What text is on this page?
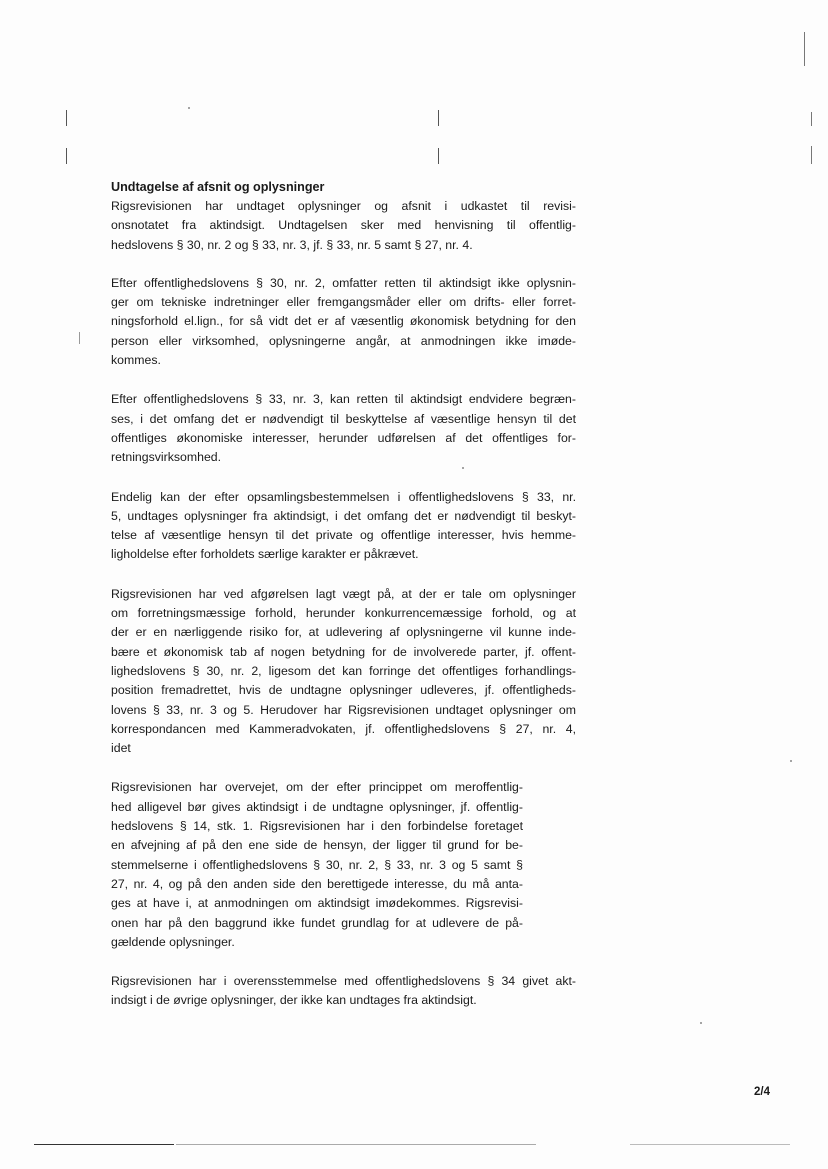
Undtagelse af afsnit og oplysninger

Rigsrevisionen har undtaget oplysninger og afsnit i udkastet til revisi-
onsnotatet fra aktindsigt. Undtagelsen sker med henvisning til offentlig-
hedslovens § 30, nr. 2 og § 33, nr. 3, jf. § 33, nr. 5 samt § 27, nr. 4.
Efter offentlighedslovens § 30, nr. 2, omfatter retten til aktindsigt ikke oplysnin-
ger om tekniske indretninger eller fremgangsmåder eller om drifts- eller forret-
ningsforhold el.lign., for så vidt det er af væsentlig økonomisk betydning for den
person eller virksomhed, oplysningerne angår, at anmodningen ikke imøde-
kommes.
Efter offentlighedslovens § 33, nr. 3, kan retten til aktindsigt endvidere begræn-
ses, i det omfang det er nødvendigt til beskyttelse af væsentlige hensyn til det
offentliges økonomiske interesser, herunder udførelsen af det offentliges for-
retningsvirksomhed.
Endelig kan der efter opsamlingsbestemmelsen i offentlighedslovens § 33, nr.
5, undtages oplysninger fra aktindsigt, i det omfang det er nødvendigt til beskyt-
telse af væsentlige hensyn til det private og offentlige interesser, hvis hemme-
ligholdelse efter forholdets særlige karakter er påkrævet.
Rigsrevisionen har ved afgørelsen lagt vægt på, at der er tale om oplysninger
om forretningsmæssige forhold, herunder konkurrencemæssige forhold, og at
der er en nærliggende risiko for, at udlevering af oplysningerne vil kunne inde-
bære et økonomisk tab af nogen betydning for de involverede parter, jf. offent-
lighedslovens § 30, nr. 2, ligesom det kan forringe det offentliges forhandlings-
position fremadrettet, hvis de undtagne oplysninger udleveres, jf. offentligheds-
lovens § 33, nr. 3 og 5. Herudover har Rigsrevisionen undtaget oplysninger om
korrespondancen med Kammeradvokaten, jf. offentlighedslovens § 27, nr. 4,
idet
Rigsrevisionen har overvejet, om der efter princippet om meroffentlig-
hed alligevel bør gives aktindsigt i de undtagne oplysninger, jf. offentlig-
hedslovens § 14, stk. 1. Rigsrevisionen har i den forbindelse foretaget
en afvejning af på den ene side de hensyn, der ligger til grund for be-
stemmelserne i offentlighedslovens § 30, nr. 2, § 33, nr. 3 og 5 samt §
27, nr. 4, og på den anden side den berettigede interesse, du må anta-
ges at have i, at anmodningen om aktindsigt imødekommes. Rigsrevisi-
onen har på den baggrund ikke fundet grundlag for at udlevere de på-
gældende oplysninger.
Rigsrevisionen har i overensstemmelse med offentlighedslovens § 34 givet akt-
indsigt i de øvrige oplysninger, der ikke kan undtages fra aktindsigt.
2/4
